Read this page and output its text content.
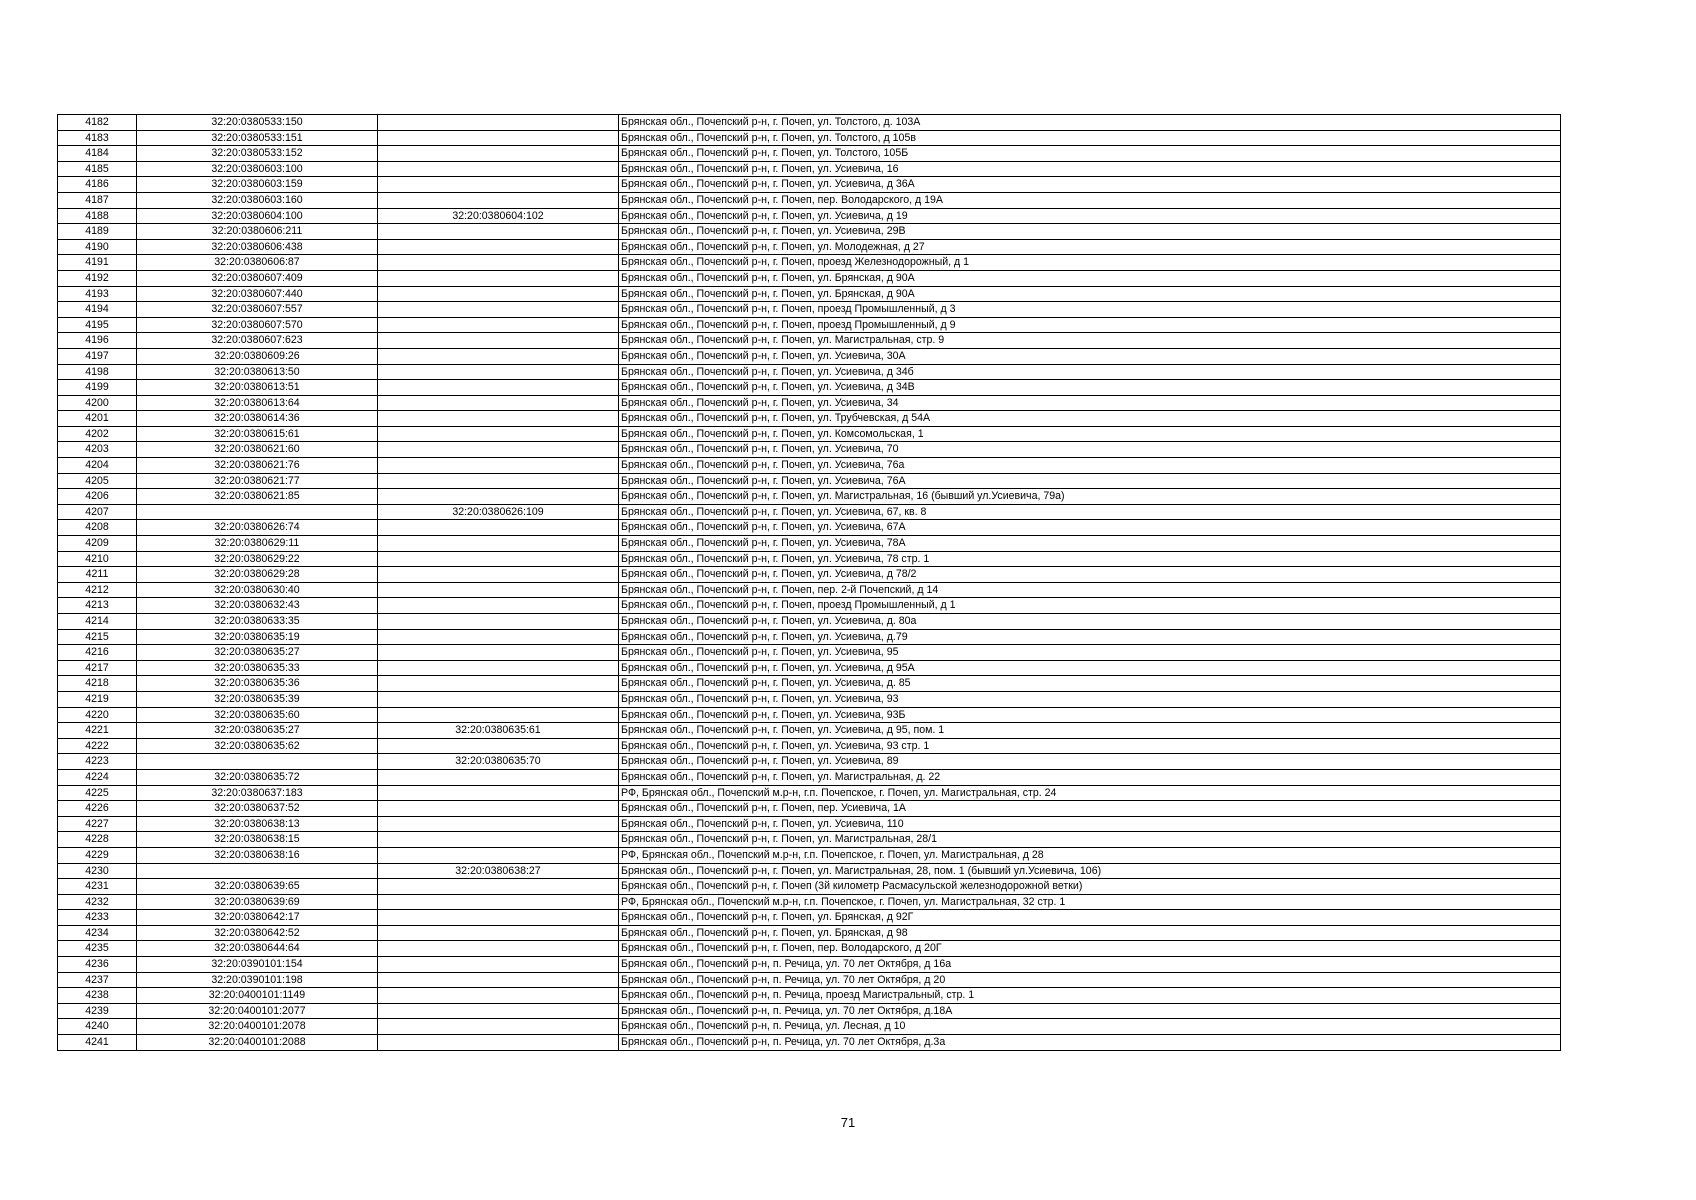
4182	32:20:0380533:150		Брянская обл., Почепский р-н, г. Почеп, ул. Толстого, д. 103А
4183	32:20:0380533:151		Брянская обл., Почепский р-н, г. Почеп, ул. Толстого, д 105в
4184	32:20:0380533:152		Брянская обл., Почепский р-н, г. Почеп, ул. Толстого, 105Б
4185	32:20:0380603:100		Брянская обл., Почепский р-н, г. Почеп, ул. Усиевича, 16
4186	32:20:0380603:159		Брянская обл., Почепский р-н, г. Почеп, ул. Усиевича, д 36А
4187	32:20:0380603:160		Брянская обл., Почепский р-н, г. Почеп, пер. Володарского, д 19А
4188	32:20:0380604:100	32:20:0380604:102	Брянская обл., Почепский р-н, г. Почеп, ул. Усиевича, д 19
4189	32:20:0380606:211		Брянская обл., Почепский р-н, г. Почеп, ул. Усиевича, 29В
4190	32:20:0380606:438		Брянская обл., Почепский р-н, г. Почеп, ул. Молодежная, д 27
4191	32:20:0380606:87		Брянская обл., Почепский р-н, г. Почеп, проезд Железнодорожный, д 1
4192	32:20:0380607:409		Брянская обл., Почепский р-н, г. Почеп, ул. Брянская, д 90А
4193	32:20:0380607:440		Брянская обл., Почепский р-н, г. Почеп, ул. Брянская, д 90А
4194	32:20:0380607:557		Брянская обл., Почепский р-н, г. Почеп, проезд Промышленный, д 3
4195	32:20:0380607:570		Брянская обл., Почепский р-н, г. Почеп, проезд Промышленный, д 9
4196	32:20:0380607:623		Брянская обл., Почепский р-н, г. Почеп, ул. Магистральная, стр. 9
4197	32:20:0380609:26		Брянская обл., Почепский р-н, г. Почеп, ул. Усиевича, 30А
4198	32:20:0380613:50		Брянская обл., Почепский р-н, г. Почеп, ул. Усиевича, д 34б
4199	32:20:0380613:51		Брянская обл., Почепский р-н, г. Почеп, ул. Усиевича, д 34В
4200	32:20:0380613:64		Брянская обл., Почепский р-н, г. Почеп, ул. Усиевича, 34
4201	32:20:0380614:36		Брянская обл., Почепский р-н, г. Почеп, ул. Трубчевская, д 54А
4202	32:20:0380615:61		Брянская обл., Почепский р-н, г. Почеп, ул. Комсомольская, 1
4203	32:20:0380621:60		Брянская обл., Почепский р-н, г. Почеп, ул. Усиевича, 70
4204	32:20:0380621:76		Брянская обл., Почепский р-н, г. Почеп, ул. Усиевича, 76а
4205	32:20:0380621:77		Брянская обл., Почепский р-н, г. Почеп, ул. Усиевича, 76А
4206	32:20:0380621:85		Брянская обл., Почепский р-н, г. Почеп, ул. Магистральная, 16 (бывший ул.Усиевича, 79а)
4207		32:20:0380626:109	Брянская обл., Почепский р-н, г. Почеп, ул. Усиевича, 67, кв. 8
4208	32:20:0380626:74		Брянская обл., Почепский р-н, г. Почеп, ул. Усиевича, 67А
4209	32:20:0380629:11		Брянская обл., Почепский р-н, г. Почеп, ул. Усиевича, 78А
4210	32:20:0380629:22		Брянская обл., Почепский р-н, г. Почеп, ул. Усиевича, 78 стр. 1
4211	32:20:0380629:28		Брянская обл., Почепский р-н, г. Почеп, ул. Усиевича, д 78/2
4212	32:20:0380630:40		Брянская обл., Почепский р-н, г. Почеп, пер. 2-й Почепский, д 14
4213	32:20:0380632:43		Брянская обл., Почепский р-н, г. Почеп, проезд Промышленный, д 1
4214	32:20:0380633:35		Брянская обл., Почепский р-н, г. Почеп, ул. Усиевича, д. 80а
4215	32:20:0380635:19		Брянская обл., Почепский р-н, г. Почеп, ул. Усиевича, д.79
4216	32:20:0380635:27		Брянская обл., Почепский р-н, г. Почеп, ул. Усиевича, 95
4217	32:20:0380635:33		Брянская обл., Почепский р-н, г. Почеп, ул. Усиевича, д 95А
4218	32:20:0380635:36		Брянская обл., Почепский р-н, г. Почеп, ул. Усиевича, д. 85
4219	32:20:0380635:39		Брянская обл., Почепский р-н, г. Почеп, ул. Усиевича, 93
4220	32:20:0380635:60		Брянская обл., Почепский р-н, г. Почеп, ул. Усиевича, 93Б
4221	32:20:0380635:27	32:20:0380635:61	Брянская обл., Почепский р-н, г. Почеп, ул. Усиевича, д 95, пом. 1
4222	32:20:0380635:62		Брянская обл., Почепский р-н, г. Почеп, ул. Усиевича, 93 стр. 1
4223		32:20:0380635:70	Брянская обл., Почепский р-н, г. Почеп, ул. Усиевича, 89
4224	32:20:0380635:72		Брянская обл., Почепский р-н, г. Почеп, ул. Магистральная, д. 22
4225	32:20:0380637:183		РФ, Брянская обл., Почепский м.р-н, г.п. Почепское, г. Почеп, ул. Магистральная, стр. 24
4226	32:20:0380637:52		Брянская обл., Почепский р-н, г. Почеп, пер. Усиевича, 1А
4227	32:20:0380638:13		Брянская обл., Почепский р-н, г. Почеп, ул. Усиевича, 110
4228	32:20:0380638:15		Брянская обл., Почепский р-н, г. Почеп, ул. Магистральная, 28/1
4229	32:20:0380638:16		РФ, Брянская обл., Почепский м.р-н, г.п. Почепское, г. Почеп, ул. Магистральная, д 28
4230		32:20:0380638:27	Брянская обл., Почепский р-н, г. Почеп, ул. Магистральная, 28, пом. 1 (бывший ул.Усиевича, 106)
4231	32:20:0380639:65		Брянская обл., Почепский р-н, г. Почеп (3й километр Расмасульской железнодорожной ветки)
4232	32:20:0380639:69		РФ, Брянская обл., Почепский м.р-н, г.п. Почепское, г. Почеп, ул. Магистральная, 32 стр. 1
4233	32:20:0380642:17		Брянская обл., Почепский р-н, г. Почеп, ул. Брянская, д 92Г
4234	32:20:0380642:52		Брянская обл., Почепский р-н, г. Почеп, ул. Брянская, д 98
4235	32:20:0380644:64		Брянская обл., Почепский р-н, г. Почеп, пер. Володарского, д 20Г
4236	32:20:0390101:154		Брянская обл., Почепский р-н, п. Речица, ул. 70 лет Октября, д 16а
4237	32:20:0390101:198		Брянская обл., Почепский р-н, п. Речица, ул. 70 лет Октября, д 20
4238	32:20:0400101:1149		Брянская обл., Почепский р-н, п. Речица, проезд Магистральный, стр. 1
4239	32:20:0400101:2077		Брянская обл., Почепский р-н, п. Речица, ул. 70 лет Октября, д.18А
4240	32:20:0400101:2078		Брянская обл., Почепский р-н, п. Речица, ул. Лесная, д 10
4241	32:20:0400101:2088		Брянская обл., Почепский р-н, п. Речица, ул. 70 лет Октября, д.3а
71
